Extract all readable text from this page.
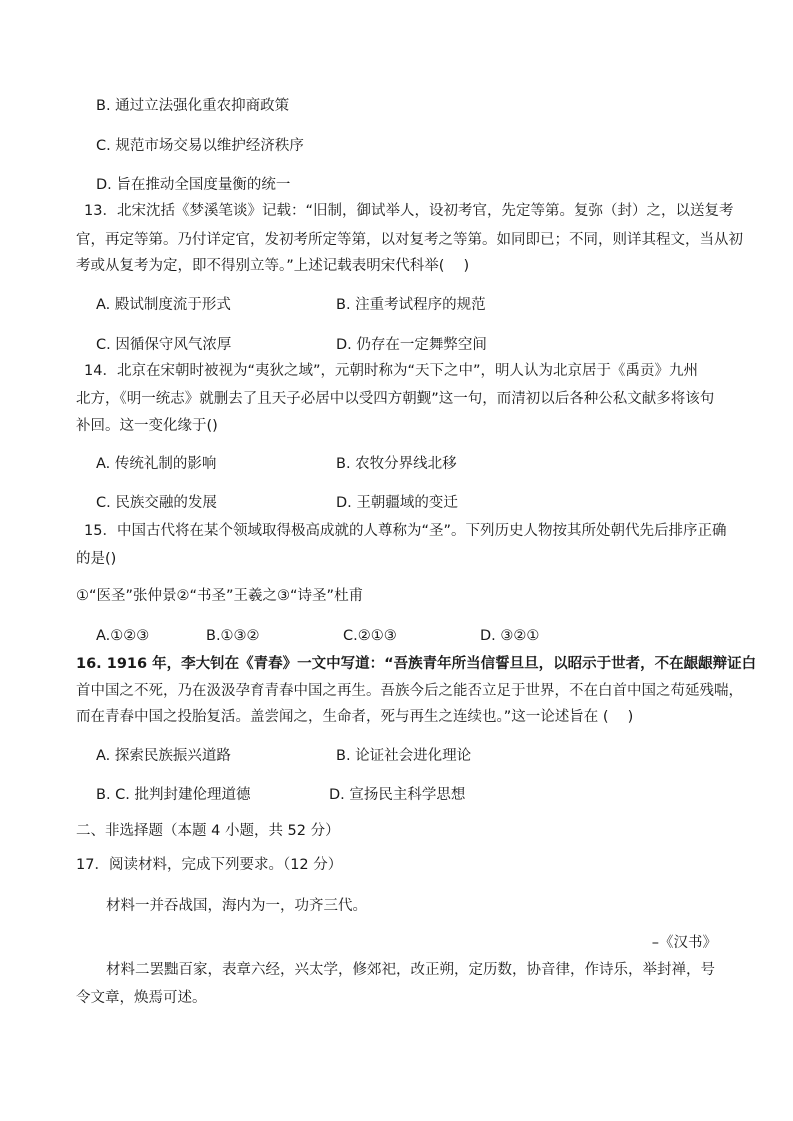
B. 通过立法强化重农抑商政策
C. 规范市场交易以维护经济秩序
D. 旨在推动全国度量衡的统一
13．北宋沈括《梦溪笔谈》记载：“旧制，御试举人，设初考官，先定等第。复弥（封）之，以送复考
官，再定等第。乃付详定官，发初考所定等第，以对复考之等第。如同即已；不同，则详其程文，当从初
考或从复考为定，即不得别立等。”上述记载表明宋代科举(　 )
A. 殿试制度流于形式	B. 注重考试程序的规范
C. 因循保守风气浓厚	D. 仍存在一定舞弊空间
14．北京在宋朝时被视为“夷狄之域”，元朝时称为“天下之中”，明人认为北京居于《禹贡》九州
北方，《明一统志》就删去了且天子必居中以受四方朝觐”这一句，而清初以后各种公私文献多将该句
补回。这一变化缘于()
A. 传统礼制的影响	B. 农牧分界线北移
C. 民族交融的发展	D. 王朝疆域的变迁
15．中国古代将在某个领域取得极高成就的人尊称为“圣”。下列历史人物按其所处朝代先后排序正确
的是()
①“医圣”张仲景②“书圣”王羲之③“诗圣”杜甫
A.①②③	B.①③②	C.②①③	D. ③②①
16. 1916 年，李大钊在《青春》一文中写道：“吾族青年所当信誓旦旦，以昭示于世者，不在龈龈辩证白
首中国之不死，乃在汲汲孕育青春中国之再生。吾族今后之能否立足于世界，不在白首中国之苟延残喘，
而在青春中国之投胎复活。盖尝闻之，生命者，死与再生之连续也。”这一论述旨在 (　 )
A. 探索民族振兴道路	B. 论证社会进化理论
B. C. 批判封建伦理道德	D. 宣扬民主科学思想
二、非选择题（本题 4 小题，共 52 分）
17．阅读材料，完成下列要求。（12 分）
材料一并吞战国，海内为一，功齐三代。
–《汉书》
材料二罢黜百家，表章六经，兴太学，修郊祀，改正朔，定历数，协音律，作诗乐，举封禅，号
令文章，焕焉可述。
